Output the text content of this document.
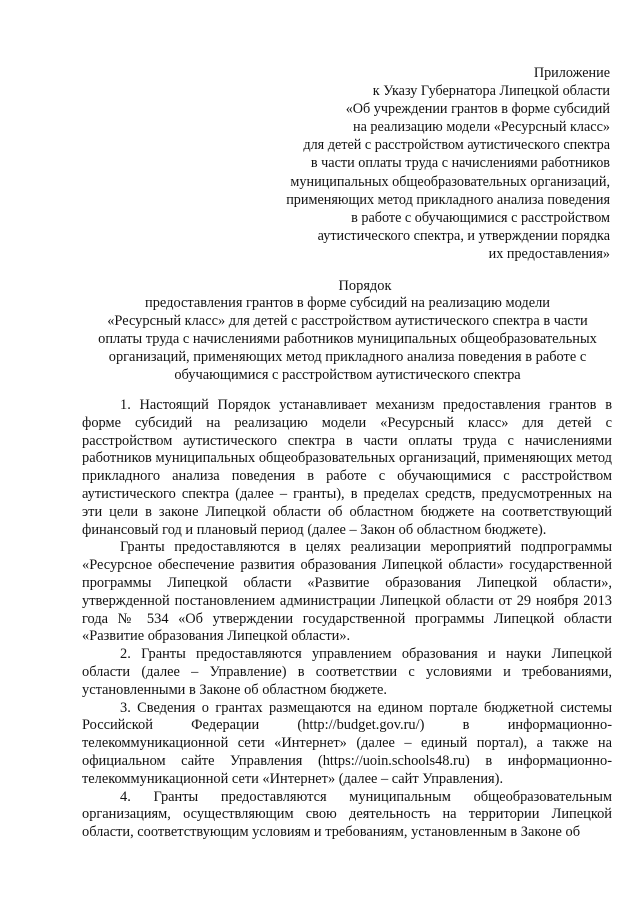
Приложение
к Указу Губернатора Липецкой области
«Об учреждении грантов в форме субсидий
на реализацию модели «Ресурсный класс»
для детей с расстройством аутистического спектра
в части оплаты труда с начислениями работников
муниципальных общеобразовательных организаций,
применяющих метод прикладного анализа поведения
в работе с обучающимися с расстройством
аутистического спектра, и утверждении порядка
их предоставления»
Порядок
предоставления грантов в форме субсидий на реализацию модели
«Ресурсный класс» для детей с расстройством аутистического спектра в части
оплаты труда с начислениями работников муниципальных общеобразовательных
организаций, применяющих метод прикладного анализа поведения в работе с
обучающимися с расстройством аутистического спектра

1. Настоящий Порядок устанавливает механизм предоставления грантов в форме субсидий на реализацию модели «Ресурсный класс» для детей с расстройством аутистического спектра в части оплаты труда с начислениями работников муниципальных общеобразовательных организаций, применяющих метод прикладного анализа поведения в работе с обучающимися с расстройством аутистического спектра (далее – гранты), в пределах средств, предусмотренных на эти цели в законе Липецкой области об областном бюджете на соответствующий финансовый год и плановый период (далее – Закон об областном бюджете).

Гранты предоставляются в целях реализации мероприятий подпрограммы «Ресурсное обеспечение развития образования Липецкой области» государственной программы Липецкой области «Развитие образования Липецкой области», утвержденной постановлением администрации Липецкой области от 29 ноября 2013 года № 534 «Об утверждении государственной программы Липецкой области «Развитие образования Липецкой области».

2. Гранты предоставляются управлением образования и науки Липецкой области (далее – Управление) в соответствии с условиями и требованиями, установленными в Законе об областном бюджете.

3. Сведения о грантах размещаются на едином портале бюджетной системы Российской Федерации (http://budget.gov.ru/) в информационно-телекоммуникационной сети «Интернет» (далее – единый портал), а также на официальном сайте Управления (https://uoin.schools48.ru) в информационно-телекоммуникационной сети «Интернет» (далее – сайт Управления).

4. Гранты предоставляются муниципальным общеобразовательным организациям, осуществляющим свою деятельность на территории Липецкой области, соответствующим условиям и требованиям, установленным в Законе об
